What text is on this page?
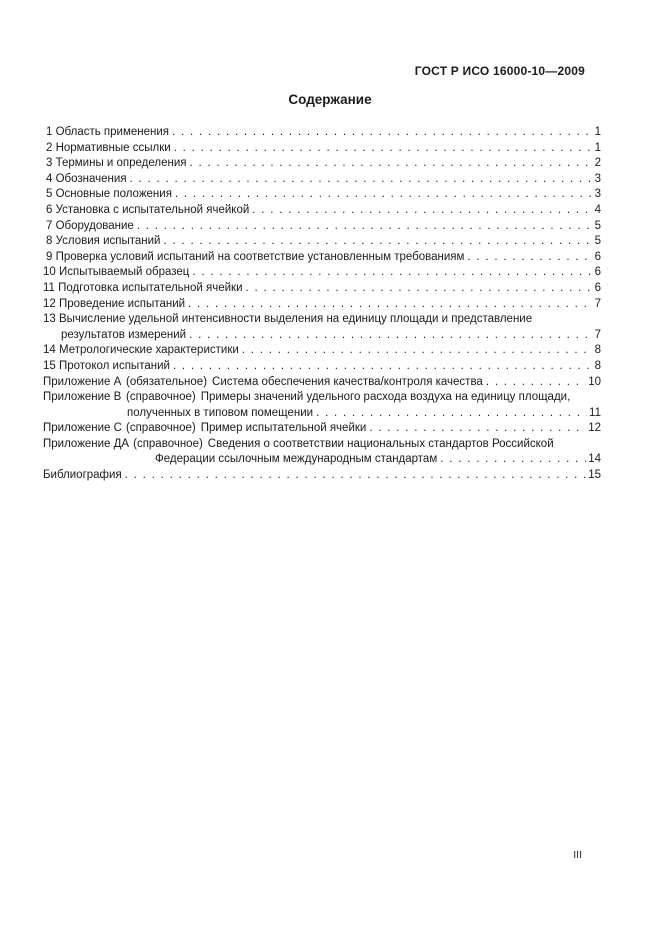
ГОСТ Р ИСО 16000-10—2009
Содержание
1 Область применения . . .	1
2 Нормативные ссылки . . .	1
3 Термины и определения . . .	2
4 Обозначения . . .	3
5 Основные положения . . .	3
6 Установка с испытательной ячейкой . . .	4
7 Оборудование . . .	5
8 Условия испытаний . . .	5
9 Проверка условий испытаний на соответствие установленным требованиям . . .	6
10 Испытываемый образец . . .	6
11 Подготовка испытательной ячейки . . .	6
12 Проведение испытаний . . .	7
13 Вычисление удельной интенсивности выделения на единицу площади и представление
результатов измерений . . .	7
14 Метрологические характеристики . . .	8
15 Протокол испытаний . . .	8
Приложение А (обязательное) Система обеспечения качества/контроля качества . . .	10
Приложение В (справочное) Примеры значений удельного расхода воздуха на единицу площади,
полученных в типовом помещении . . .	11
Приложение С (справочное) Пример испытательной ячейки . . .	12
Приложение ДА (справочное) Сведения о соответствии национальных стандартов Российской
Федерации ссылочным международным стандартам . . .	14
Библиография . . .	15
III
